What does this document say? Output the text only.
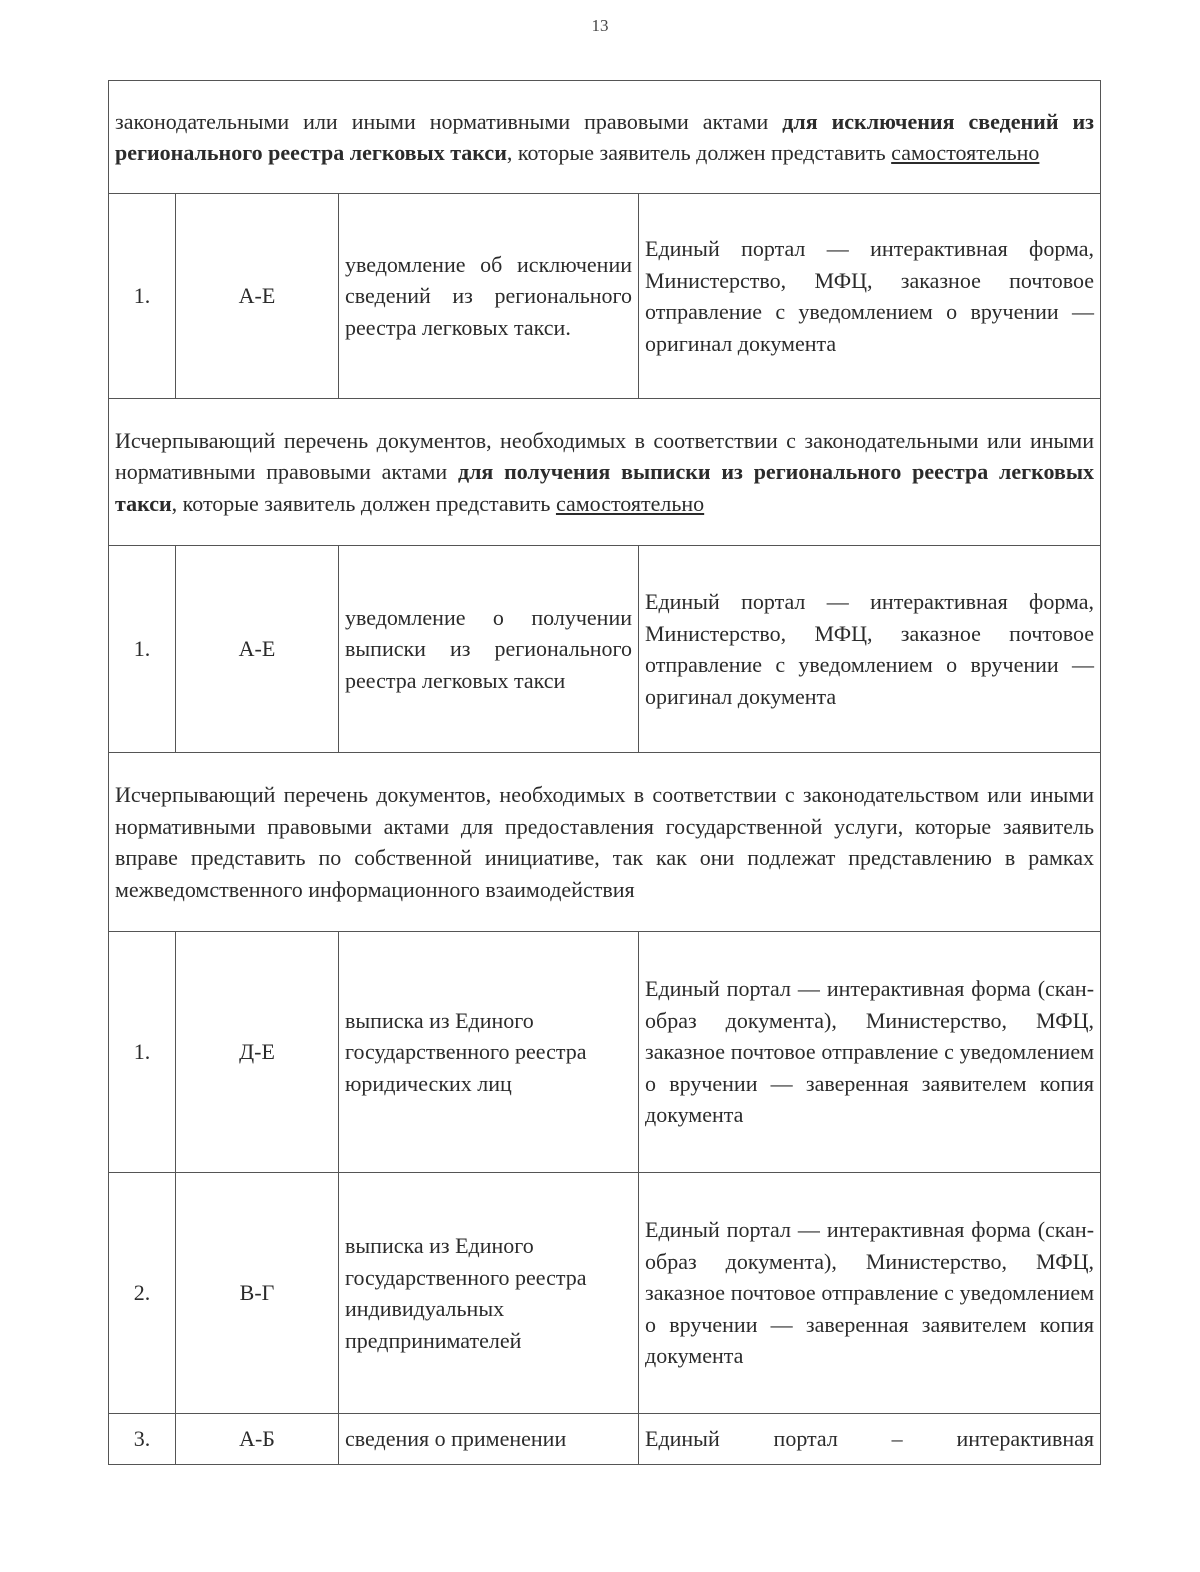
13
законодательными или иными нормативными правовыми актами для исключения сведений из регионального реестра легковых такси, которые заявитель должен представить самостоятельно			
1.	А-Е	уведомление об исключении сведений из регионального реестра легковых такси.	Единый портал — интерактивная форма, Министерство, МФЦ, заказное почтовое отправление с уведомлением о вручении — оригинал документа
Исчерпывающий перечень документов, необходимых в соответствии с законодательными или иными нормативными правовыми актами для получения выписки из регионального реестра легковых такси, которые заявитель должен представить самостоятельно			
1.	А-Е	уведомление о получении выписки из регионального реестра легковых такси	Единый портал — интерактивная форма, Министерство, МФЦ, заказное почтовое отправление с уведомлением о вручении — оригинал документа
Исчерпывающий перечень документов, необходимых в соответствии с законодательством или иными нормативными правовыми актами для предоставления государственной услуги, которые заявитель вправе представить по собственной инициативе, так как они подлежат представлению в рамках межведомственного информационного взаимодействия			
1.	Д-Е	выписка из Единого государственного реестра юридических лиц	Единый портал — интерактивная форма (скан-образ документа), Министерство, МФЦ, заказное почтовое отправление с уведомлением о вручении — заверенная заявителем копия документа
2.	В-Г	выписка из Единого государственного реестра индивидуальных предпринимателей	Единый портал — интерактивная форма (скан-образ документа), Министерство, МФЦ, заказное почтовое отправление с уведомлением о вручении — заверенная заявителем копия документа
3.	А-Б	сведения о применении	Единый портал – интерактивная
